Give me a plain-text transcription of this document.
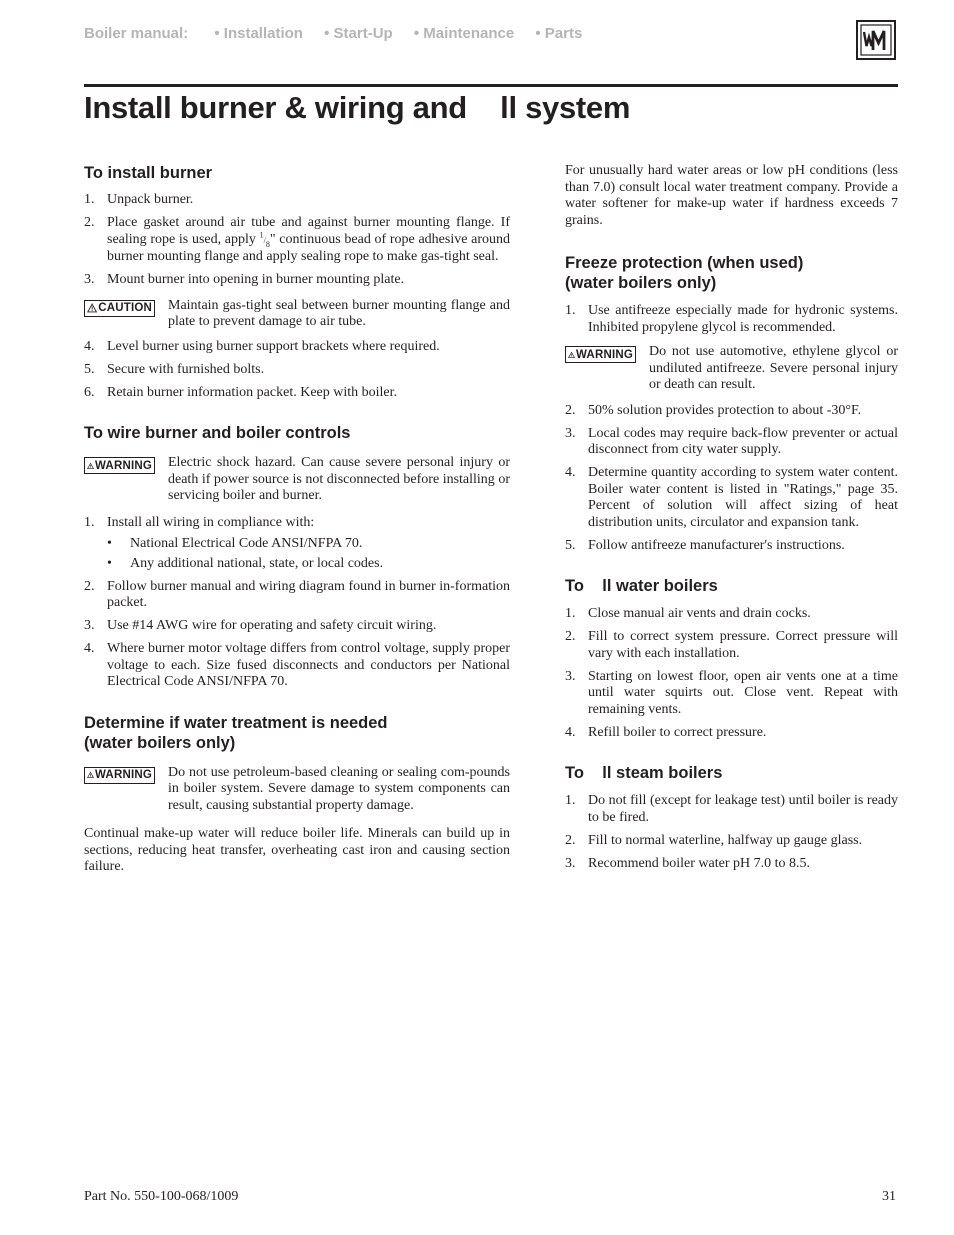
Boiler manual: • Installation • Start-Up • Maintenance • Parts
Install burner & wiring and    ll system
To install burner
1. Unpack burner.
2. Place gasket around air tube and against burner mounting flange. If sealing rope is used, apply $^1/_8$" continuous bead of rope adhesive around burner mounting flange and apply sealing rope to make gas-tight seal.
3. Mount burner into opening in burner mounting plate.
CAUTION	Maintain gas-tight seal between burner mounting flange and plate to prevent damage to air tube.
4. Level burner using burner support brackets where required.
5. Secure with furnished bolts.
6. Retain burner information packet. Keep with boiler.
To wire burner and boiler controls
WARNING	Electric shock hazard. Can cause severe personal injury or death if power source is not disconnected before installing or servicing boiler and burner.
1. Install all wiring in compliance with:
• National Electrical Code ANSI/NFPA 70.
• Any additional national, state, or local codes.
2. Follow burner manual and wiring diagram found in burner in-formation packet.
3. Use #14 AWG wire for operating and safety circuit wiring.
4. Where burner motor voltage differs from control voltage, supply proper voltage to each. Size fused disconnects and conductors per National Electrical Code ANSI/NFPA 70.
Determine if water treatment is needed
(water boilers only)
WARNING	Do not use petroleum-based cleaning or sealing com-pounds in boiler system. Severe damage to system components can result, causing substantial property damage.

Continual make-up water will reduce boiler life. Minerals can build up in sections, reducing heat transfer, overheating cast iron and causing section failure.

For unusually hard water areas or low pH conditions (less than 7.0) consult local water treatment company. Provide a water softener for make-up water if hardness exceeds 7 grains.

Freeze protection (when used)
(water boilers only)
1. Use antifreeze especially made for hydronic systems. Inhibited propylene glycol is recommended.
WARNING	Do not use automotive, ethylene glycol or undiluted antifreeze. Severe personal injury or death can result.
2. 50% solution provides protection to about -30°F.
3. Local codes may require back-flow preventer or actual disconnect from city water supply.
4. Determine quantity according to system water content. Boiler water content is listed in "Ratings," page 35. Percent of solution will affect sizing of heat distribution units, circulator and expansion tank.
5. Follow antifreeze manufacturer's instructions.
To    ll water boilers
1. Close manual air vents and drain cocks.
2. Fill to correct system pressure. Correct pressure will vary with each installation.
3. Starting on lowest floor, open air vents one at a time until water squirts out. Close vent. Repeat with remaining vents.
4. Refill boiler to correct pressure.
To    ll steam boilers
1. Do not fill (except for leakage test) until boiler is ready to be fired.
2. Fill to normal waterline, halfway up gauge glass.
3. Recommend boiler water pH 7.0 to 8.5.
Part No. 550-100-068/1009	31
